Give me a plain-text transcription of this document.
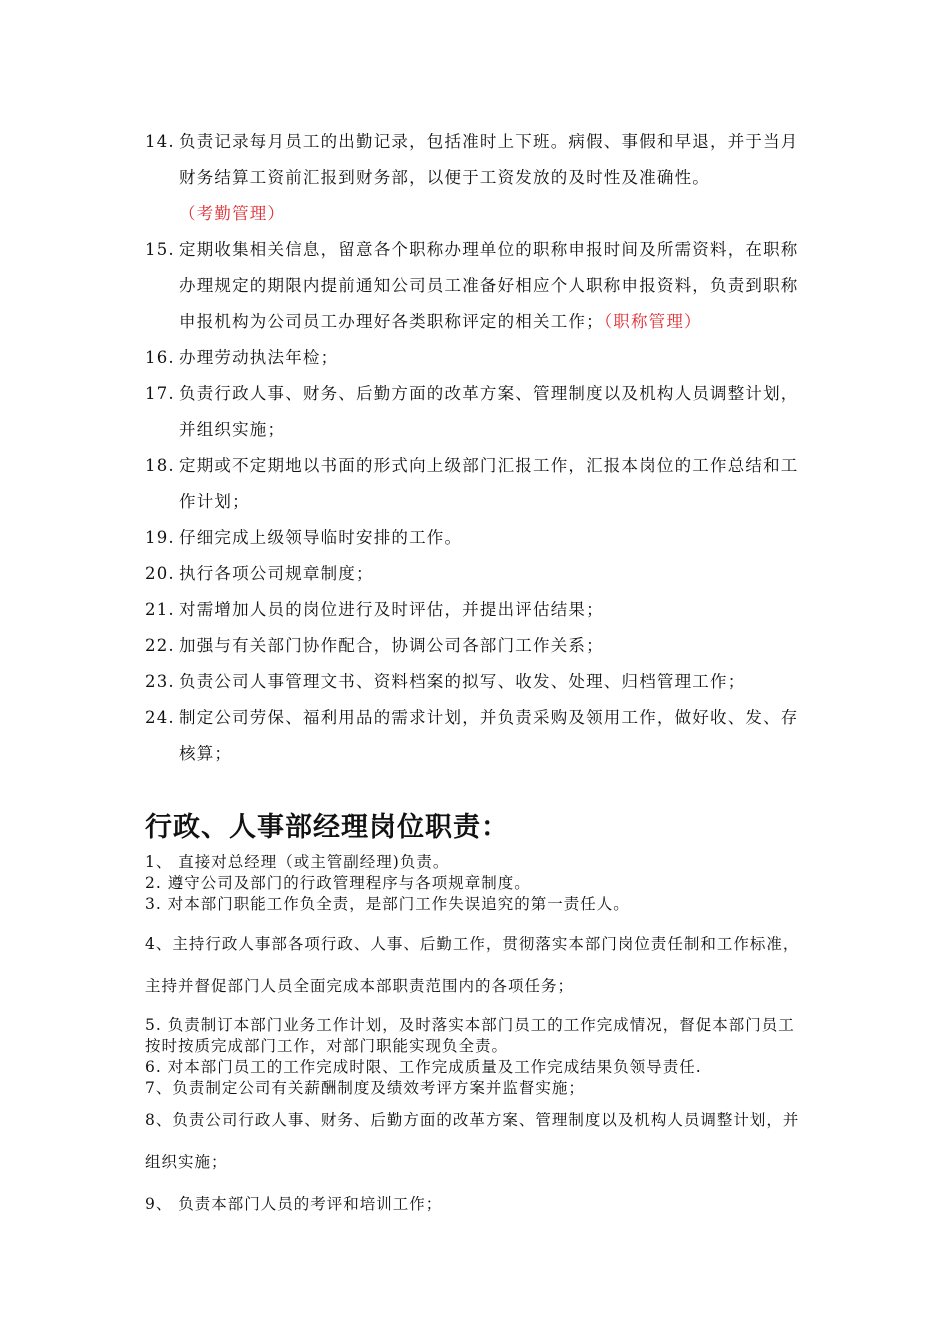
14. 负责记录每月员工的出勤记录，包括准时上下班。病假、事假和早退，并于当月财务结算工资前汇报到财务部，以便于工资发放的及时性及准确性。
（考勤管理）
15. 定期收集相关信息，留意各个职称办理单位的职称申报时间及所需资料，在职称办理规定的期限内提前通知公司员工准备好相应个人职称申报资料，负责到职称申报机构为公司员工办理好各类职称评定的相关工作；（职称管理）
16. 办理劳动执法年检；
17. 负责行政人事、财务、后勤方面的改革方案、管理制度以及机构人员调整计划，并组织实施；
18. 定期或不定期地以书面的形式向上级部门汇报工作，汇报本岗位的工作总结和工作计划；
19. 仔细完成上级领导临时安排的工作。
20. 执行各项公司规章制度；
21. 对需增加人员的岗位进行及时评估，并提出评估结果；
22. 加强与有关部门协作配合，协调公司各部门工作关系；
23. 负责公司人事管理文书、资料档案的拟写、收发、处理、归档管理工作；
24. 制定公司劳保、福利用品的需求计划，并负责采购及领用工作，做好收、发、存核算；
行政、人事部经理岗位职责：
1、 直接对总经理（或主管副经理)负责。
2. 遵守公司及部门的行政管理程序与各项规章制度。
3. 对本部门职能工作负全责，是部门工作失误追究的第一责任人。
4、主持行政人事部各项行政、人事、后勤工作，贯彻落实本部门岗位责任制和工作标准，主持并督促部门人员全面完成本部职责范围内的各项任务；
5. 负责制订本部门业务工作计划，及时落实本部门员工的工作完成情况，督促本部门员工按时按质完成部门工作，对部门职能实现负全责。
6. 对本部门员工的工作完成时限、工作完成质量及工作完成结果负领导责任.
7、负责制定公司有关薪酬制度及绩效考评方案并监督实施；
8、负责公司行政人事、财务、后勤方面的改革方案、管理制度以及机构人员调整计划，并组织实施；
9、 负责本部门人员的考评和培训工作；
